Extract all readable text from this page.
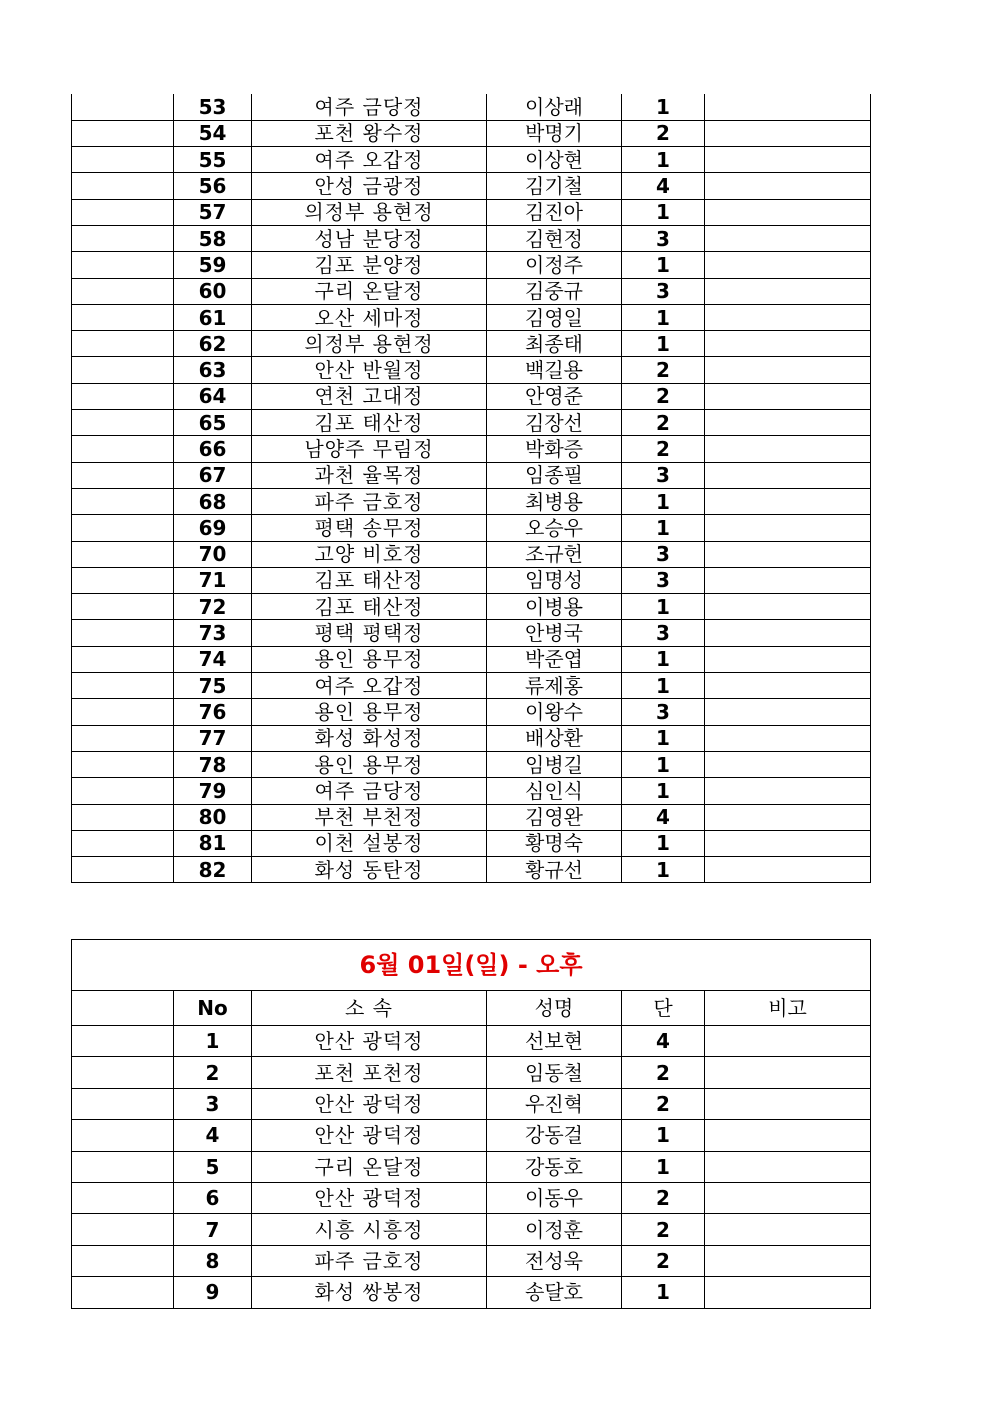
	53	여주 금당정	이상래	1	
	54	포천 왕수정	박명기	2	
	55	여주 오갑정	이상현	1	
	56	안성 금광정	김기철	4	
	57	의정부 용현정	김진아	1	
	58	성남 분당정	김현정	3	
	59	김포 분양정	이정주	1	
	60	구리 온달정	김중규	3	
	61	오산 세마정	김영일	1	
	62	의정부 용현정	최종태	1	
	63	안산 반월정	백길용	2	
	64	연천 고대정	안영준	2	
	65	김포 태산정	김장선	2	
	66	남양주 무림정	박화증	2	
	67	과천 율목정	임종필	3	
	68	파주 금호정	최병용	1	
	69	평택 송무정	오승우	1	
	70	고양 비호정	조규헌	3	
	71	김포 태산정	임명성	3	
	72	김포 태산정	이병용	1	
	73	평택 평택정	안병국	3	
	74	용인 용무정	박준엽	1	
	75	여주 오갑정	류제홍	1	
	76	용인 용무정	이왕수	3	
	77	화성 화성정	배상환	1	
	78	용인 용무정	임병길	1	
	79	여주 금당정	심인식	1	
	80	부천 부천정	김영완	4	
	81	이천 설봉정	황명숙	1	
	82	화성 동탄정	황규선	1	
6월 01일(일) - 오후					
	No	소 속	성명	단	비고
	1	안산 광덕정	선보현	4	
	2	포천 포천정	임동철	2	
	3	안산 광덕정	우진혁	2	
	4	안산 광덕정	강동걸	1	
	5	구리 온달정	강동호	1	
	6	안산 광덕정	이동우	2	
	7	시흥 시흥정	이정훈	2	
	8	파주 금호정	전성욱	2	
	9	화성 쌍봉정	송달호	1	
